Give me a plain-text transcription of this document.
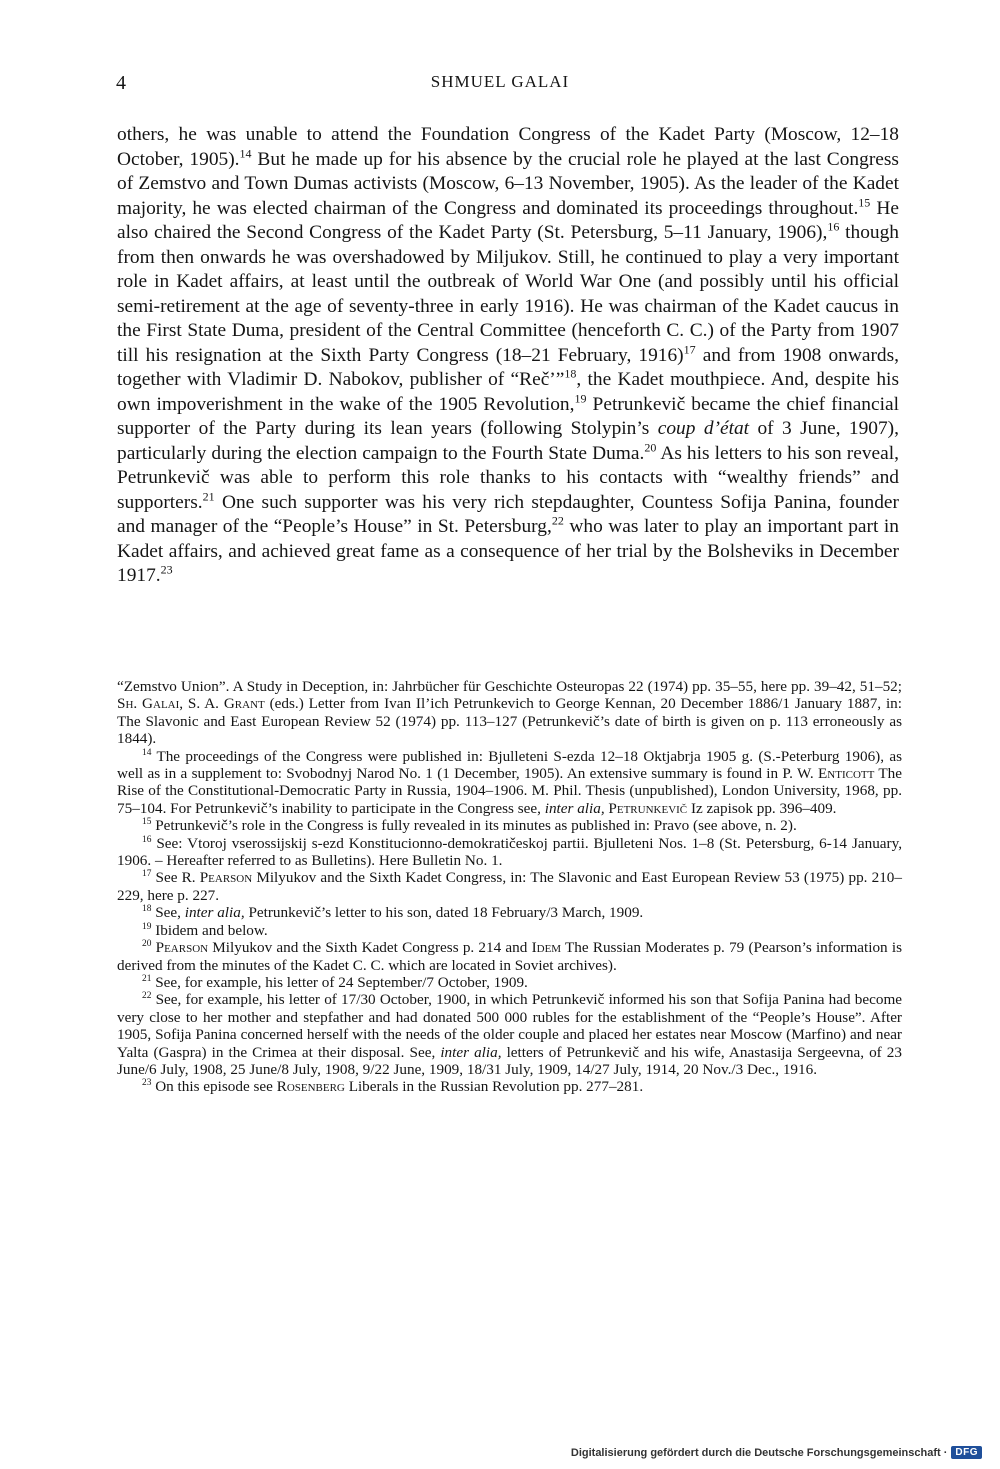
4	SHMUEL GALAI

others, he was unable to attend the Foundation Congress of the Kadet Party (Moscow, 12–18 October, 1905).$^{14}$ But he made up for his absence by the crucial role he played at the last Congress of Zemstvo and Town Dumas activists (Moscow, 6–13 November, 1905). As the leader of the Kadet majority, he was elected chairman of the Congress and dominated its proceedings throughout.$^{15}$ He also chaired the Second Congress of the Kadet Party (St. Petersburg, 5–11 January, 1906),$^{16}$ though from then onwards he was overshadowed by Miljukov. Still, he continued to play a very important role in Kadet affairs, at least until the outbreak of World War One (and possibly until his official semi-retirement at the age of seventy-three in early 1916). He was chairman of the Kadet caucus in the First State Duma, president of the Central Committee (henceforth C. C.) of the Party from 1907 till his resignation at the Sixth Party Congress (18–21 February, 1916)$^{17}$ and from 1908 onwards, together with Vladimir D. Nabokov, publisher of “Reč’”$^{18}$, the Kadet mouthpiece. And, despite his own impoverishment in the wake of the 1905 Revolution,$^{19}$ Petrunkevič became the chief financial supporter of the Party during its lean years (following Stolypin’s coup d’état of 3 June, 1907), particularly during the election campaign to the Fourth State Duma.$^{20}$ As his letters to his son reveal, Petrunkevič was able to perform this role thanks to his contacts with “wealthy friends” and supporters.$^{21}$ One such supporter was his very rich stepdaughter, Countess Sofija Panina, founder and manager of the “People’s House” in St. Petersburg,$^{22}$ who was later to play an important part in Kadet affairs, and achieved great fame as a consequence of her trial by the Bolsheviks in December 1917.23

“Zemstvo Union”. A Study in Deception, in: Jahrbücher für Geschichte Osteuropas 22 (1974) pp. 35–55, here pp. 39–42, 51–52; Sh. Galai, S. A. Grant (eds.) Letter from Ivan Il’ich Petrunkevich to George Kennan, 20 December 1886/1 January 1887, in: The Slavonic and East European Review 52 (1974) pp. 113–127 (Petrunkevič’s date of birth is given on p. 113 erroneously as 1844).

$^{14}$ The proceedings of the Congress were published in: Bjulleteni S-ezda 12–18 Oktjabrja 1905 g. (S.-Peterburg 1906), as well as in a supplement to: Svobodnyj Narod No. 1 (1 December, 1905). An extensive summary is found in P. W. Enticott The Rise of the Constitutional-Democratic Party in Russia, 1904–1906. M. Phil. Thesis (unpublished), London University, 1968, pp. 75–104. For Petrunkevič’s inability to participate in the Congress see, inter alia, Petrunkevič Iz zapisok pp. 396–409.

$^{15}$ Petrunkevič’s role in the Congress is fully revealed in its minutes as published in: Pravo (see above, n. 2).

$^{16}$ See: Vtoroj vserossijskij s-ezd Konstitucionno-demokratičeskoj partii. Bjulleteni Nos. 1–8 (St. Petersburg, 6-14 January, 1906. – Hereafter referred to as Bulletins). Here Bulletin No. 1.

$^{17}$ See R. Pearson Milyukov and the Sixth Kadet Congress, in: The Slavonic and East European Review 53 (1975) pp. 210–229, here p. 227.

$^{18}$ See, inter alia, Petrunkevič’s letter to his son, dated 18 February/3 March, 1909.

$^{19}$ Ibidem and below.

$^{20}$ Pearson Milyukov and the Sixth Kadet Congress p. 214 and Idem The Russian Moderates p. 79 (Pearson’s information is derived from the minutes of the Kadet C. C. which are located in Soviet archives).

$^{21}$ See, for example, his letter of 24 September/7 October, 1909.

$^{22}$ See, for example, his letter of 17/30 October, 1900, in which Petrunkevič informed his son that Sofija Panina had become very close to her mother and stepfather and had donated 500 000 rubles for the establishment of the “People’s House”. After 1905, Sofija Panina concerned herself with the needs of the older couple and placed her estates near Moscow (Marfino) and near Yalta (Gaspra) in the Crimea at their disposal. See, inter alia, letters of Petrunkevič and his wife, Anastasija Sergeevna, of 23 June/6 July, 1908, 25 June/8 July, 1908, 9/22 June, 1909, 18/31 July, 1909, 14/27 July, 1914, 20 Nov./3 Dec., 1916.

$^{23}$ On this episode see Rosenberg Liberals in the Russian Revolution pp. 277–281.

Digitalisierung gefördert durch die Deutsche Forschungsgemeinschaft · DFG
